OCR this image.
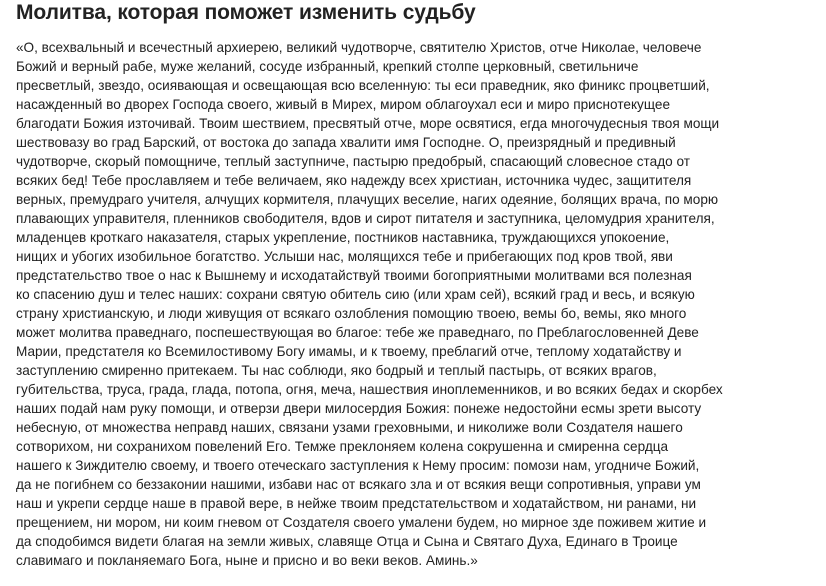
Молитва, которая поможет изменить судьбу
«О, всехвальный и всечестный архиерею, великий чудотворче, святителю Христов, отче Николае, человече
Божий и верный рабе, муже желаний, сосуде избранный, крепкий столпе церковный, светильниче
пресветлый, звездо, осиявающая и освещающая всю вселенную: ты еси праведник, яко финикс процветший,
насажденный во дворех Господа своего, живый в Мирех, миром облагоухал еси и миро приснотекущее
благодати Божия източивай. Твоим шествием, пресвятый отче, море освятися, егда многочудесныя твоя мощи
шествовазу во град Барский, от востока до запада хвалити имя Господне. О, преизрядный и предивный
чудотворче, скорый помощниче, теплый заступниче, пастырю предобрый, спасающий словесное стадо от
всяких бед! Тебе прославляем и тебе величаем, яко надежду всех христиан, источника чудес, защитителя
верных, премудраго учителя, алчущих кормителя, плачущих веселие, нагих одеяние, болящих врача, по морю
плавающих управителя, пленников свободителя, вдов и сирот питателя и заступника, целомудрия хранителя,
младенцев кроткаго наказателя, старых укрепление, постников наставника, труждающихся упокоение,
нищих и убогих изобильное богатство. Услыши нас, молящихся тебе и прибегающих под кров твой, яви
предстательство твое о нас к Вышнему и исходатайствуй твоими богоприятными молитвами вся полезная
ко спасению душ и телес наших: сохрани святую обитель сию (или храм сей), всякий град и весь, и всякую
страну христианскую, и люди живущия от всякаго озлобления помощию твоею, вемы бо, вемы, яко много
может молитва праведнаго, поспешествующая во благое: тебе же праведнаго, по Преблагословенней Деве
Марии, предстателя ко Всемилостивому Богу имамы, и к твоему, преблагий отче, теплому ходатайству и
заступлению смиренно притекаем. Ты нас соблюди, яко бодрый и теплый пастырь, от всяких врагов,
губительства, труса, града, глада, потопа, огня, меча, нашествия иноплеменников, и во всяких бедах и скорбех
наших подай нам руку помощи, и отверзи двери милосердия Божия: понеже недостойни есмы зрети высоту
небесную, от множества неправд наших, связани узами греховными, и николиже воли Создателя нашего
сотворихом, ни сохранихом повелений Его. Темже преклоняем колена сокрушенна и смиренна сердца
нашего к Зиждителю своему, и твоего отеческаго заступления к Нему просим: помози нам, угодниче Божий,
да не погибнем со беззаконии нашими, избави нас от всякаго зла и от всякия вещи сопротивныя, управи ум
наш и укрепи сердце наше в правой вере, в нейже твоим предстательством и ходатайством, ни ранами, ни
прещением, ни мором, ни коим гневом от Создателя своего умалени будем, но мирное зде поживем житие и
да сподобимся видети благая на земли живых, славяще Отца и Сына и Святаго Духа, Единаго в Троице
славимаго и покланяемаго Бога, ныне и присно и во веки веков. Аминь.»
